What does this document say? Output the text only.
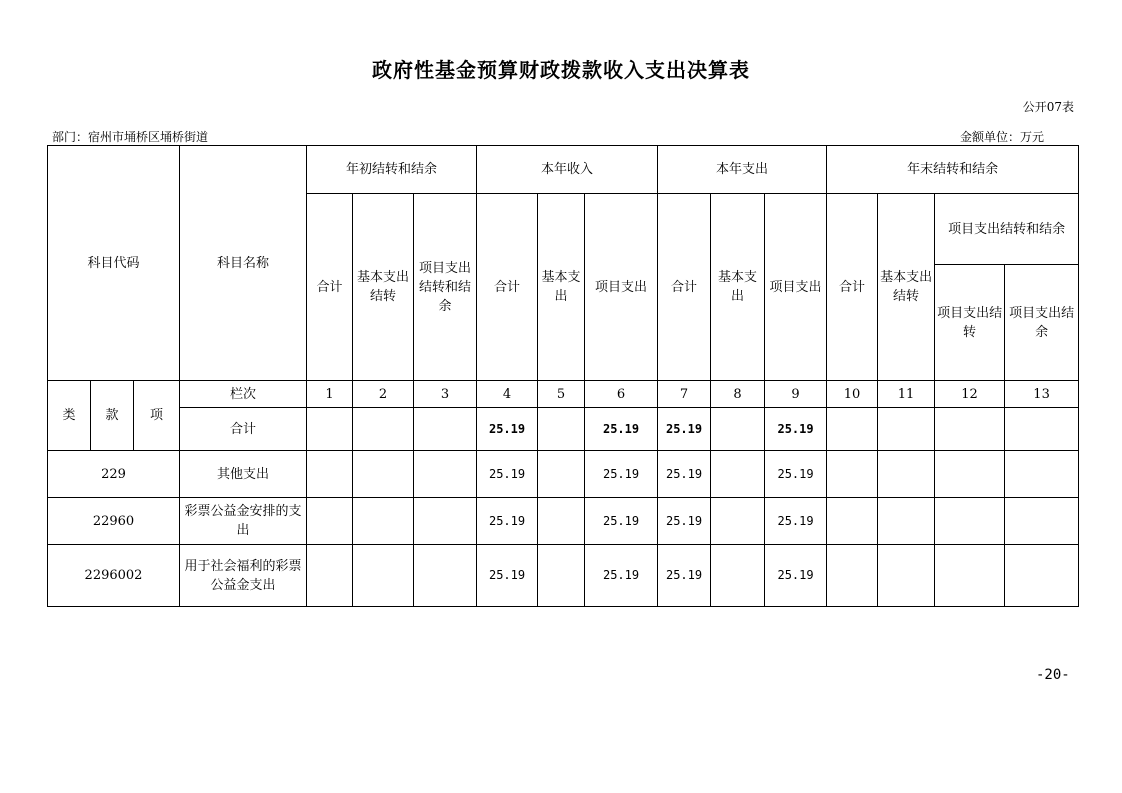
政府性基金预算财政拨款收入支出决算表
公开07表
部门：宿州市埇桥区埇桥街道	金额单位：万元
科目代码			科目名称	年初结转和结余			本年收入			本年支出			年末结转和结余			
				合计	基本支出结转	项目支出结转和结余	合计	基本支出	项目支出	合计	基本支出	项目支出	合计	基本支出结转	项目支出结转和结余	
															项目支出结转	项目支出结余
类	款	项	栏次	1	2	3	4	5	6	7	8	9	10	11	12	13
			合计				25.19		25.19	25.19		25.19				
229			其他支出				25.19		25.19	25.19		25.19				
22960			彩票公益金安排的支出				25.19		25.19	25.19		25.19				
2296002			用于社会福利的彩票公益金支出				25.19		25.19	25.19		25.19				
-20-
